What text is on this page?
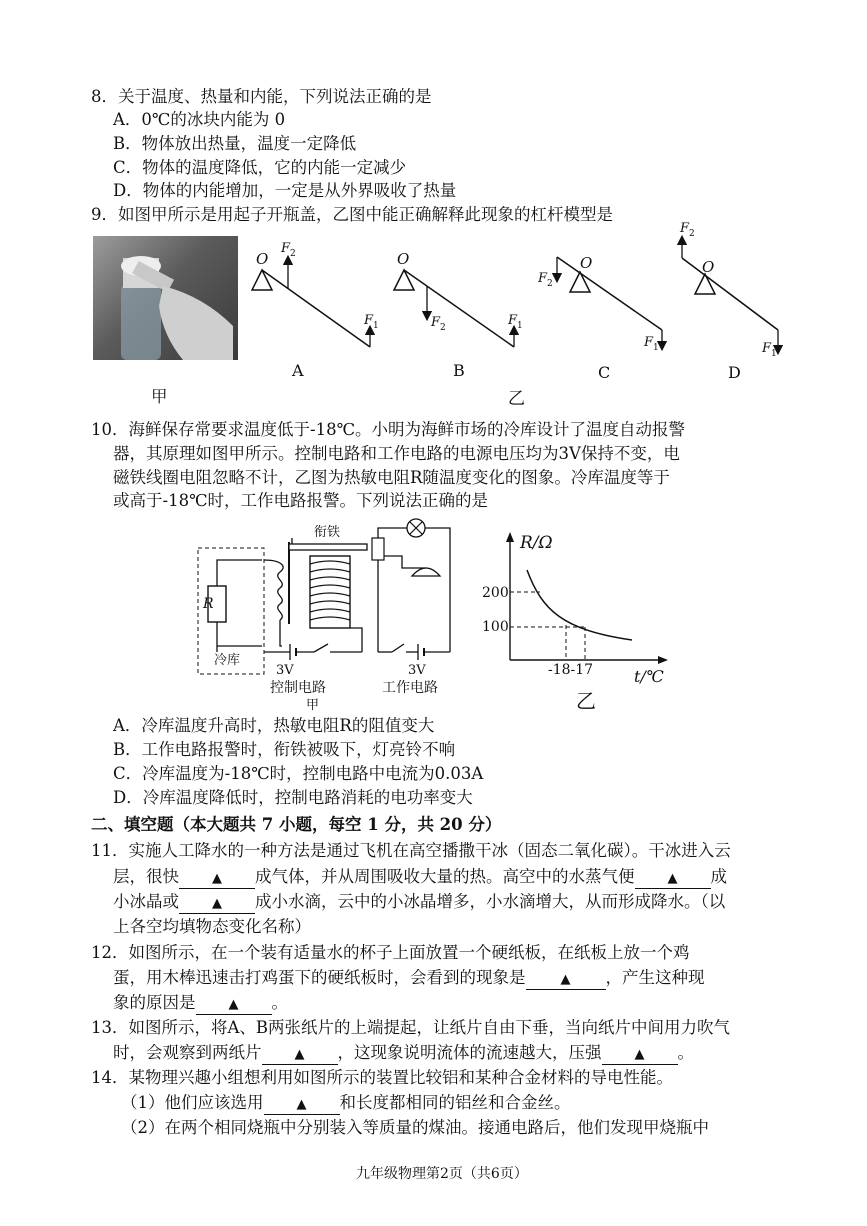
8．关于温度、热量和内能，下列说法正确的是
A．0℃的冰块内能为 0
B．物体放出热量，温度一定降低
C．物体的温度降低，它的内能一定减少
D．物体的内能增加，一定是从外界吸收了热量
9．如图甲所示是用起子开瓶盖，乙图中能正确解释此现象的杠杆模型是
甲
O
F 2
F 1
A
O
F 2	F 1
B
乙
O
F 2
F 1
C
O
F 2
F 1
D
10．海鲜保存常要求温度低于-18℃。小明为海鲜市场的冷库设计了温度自动报警
器，其原理如图甲所示。控制电路和工作电路的电源电压均为3V保持不变，电
磁铁线圈电阻忽略不计，乙图为热敏电阻R随温度变化的图象。冷库温度等于
或高于-18℃时，工作电路报警。下列说法正确的是
R
冷库
衔铁
3V
控制电路
3V
工作电路
甲
R/Ω
200
100
-18-17	t/℃
乙
A．冷库温度升高时，热敏电阻R的阻值变大
B．工作电路报警时，衔铁被吸下，灯亮铃不响
C．冷库温度为-18℃时，控制电路中电流为0.03A
D．冷库温度降低时，控制电路消耗的电功率变大
二、填空题（本大题共 7 小题，每空 1 分，共 20 分）
11．实施人工降水的一种方法是通过飞机在高空播撒干冰（固态二氧化碳）。干冰进入云
层，很快	▲ 成气体，并从周围吸收大量的热。高空中的水蒸气便	▲ 成
小冰晶或	▲ 成小水滴，云中的小冰晶增多，小水滴增大，从而形成降水。（以
上各空均填物态变化名称）
12．如图所示，在一个装有适量水的杯子上面放置一个硬纸板，在纸板上放一个鸡
蛋，用木棒迅速击打鸡蛋下的硬纸板时，会看到的现象是	▲ ，产生这种现
象的原因是	▲ 。
13．如图所示，将A、B两张纸片的上端提起，让纸片自由下垂，当向纸片中间用力吹气
时，会观察到两纸片	▲ ，这现象说明流体的流速越大，压强	▲ 。
14．某物理兴趣小组想利用如图所示的装置比较铝和某种合金材料的导电性能。
（1）他们应该选用	▲ 和长度都相同的铝丝和合金丝。
（2）在两个相同烧瓶中分别装入等质量的煤油。接通电路后，他们发现甲烧瓶中
九年级物理第2页（共6页）
